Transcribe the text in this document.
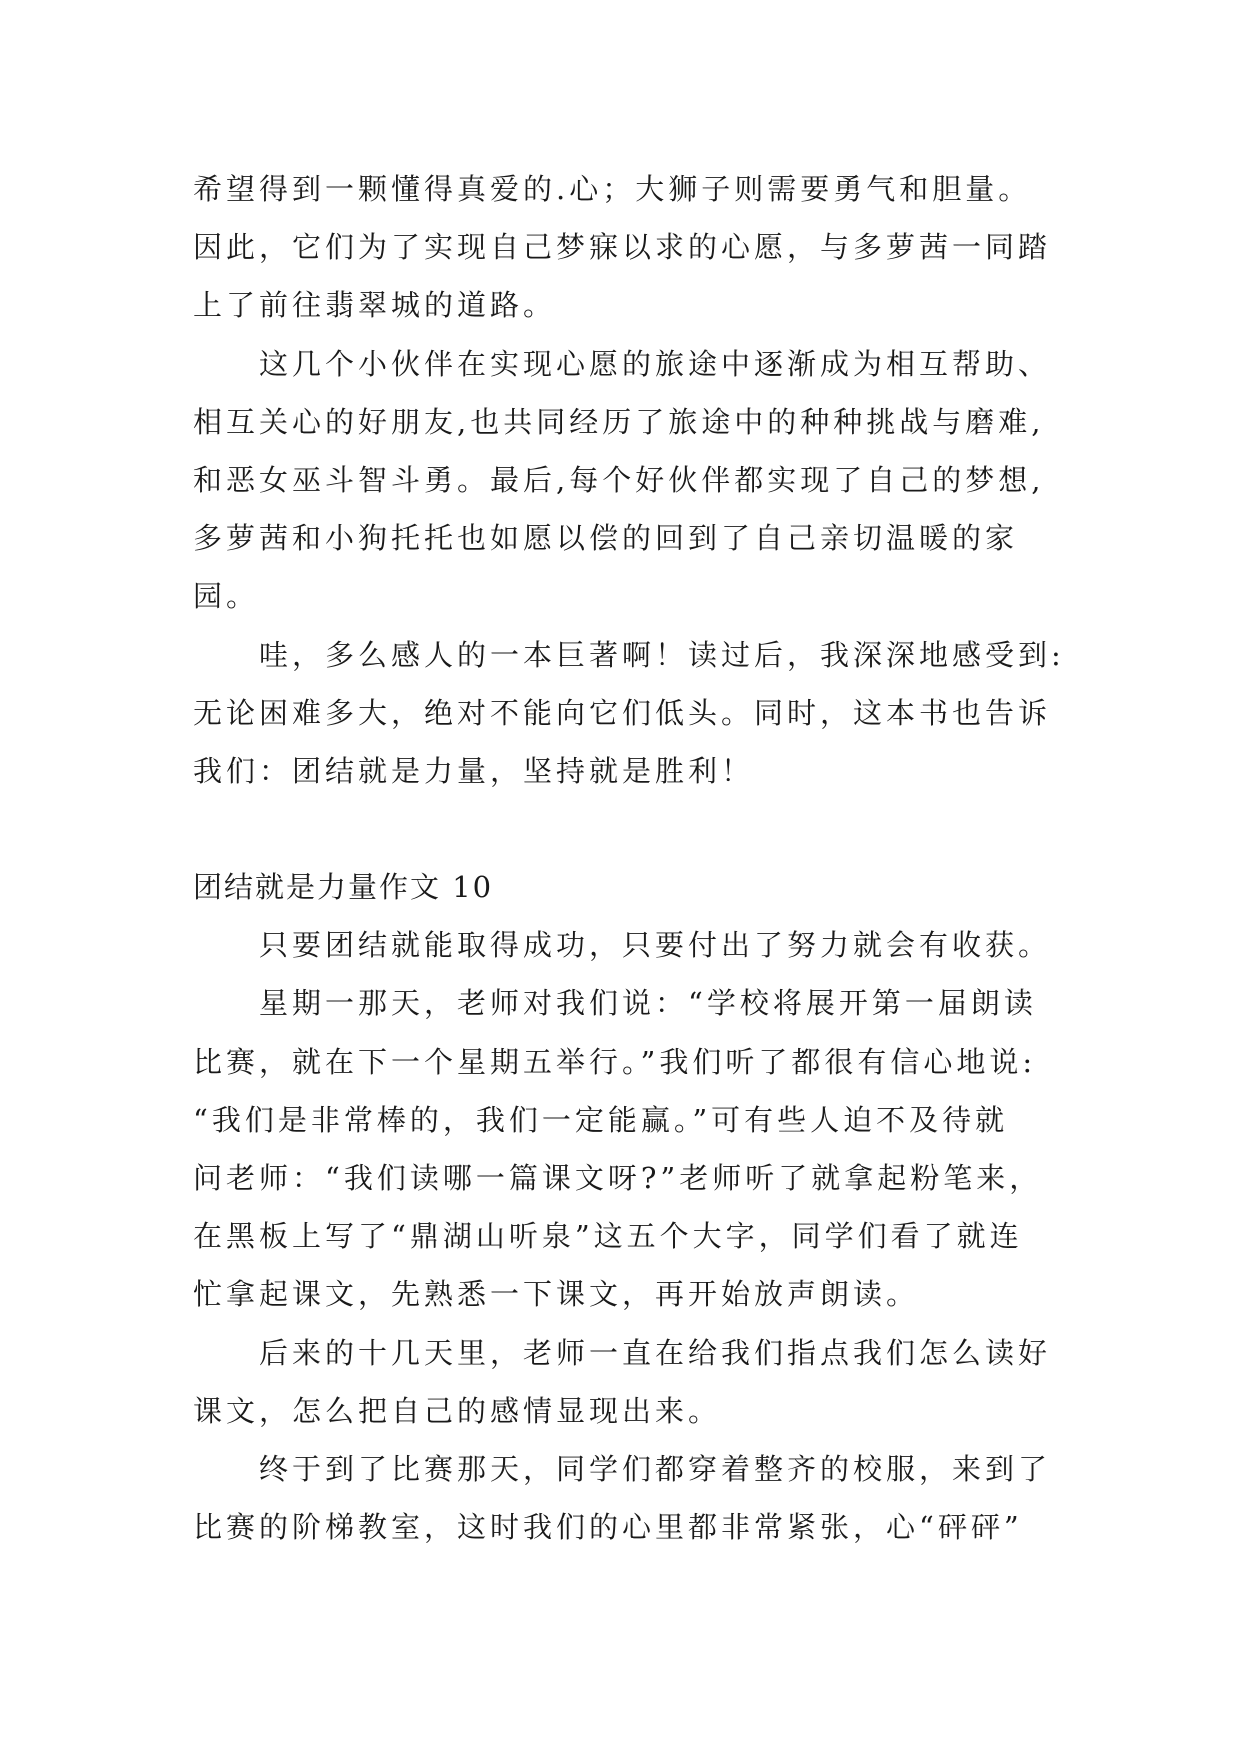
希望得到一颗懂得真爱的.心；大狮子则需要勇气和胆量。
因此，它们为了实现自己梦寐以求的心愿，与多萝茜一同踏
上了前往翡翠城的道路。
这几个小伙伴在实现心愿的旅途中逐渐成为相互帮助、
相互关心的好朋友,也共同经历了旅途中的种种挑战与磨难,
和恶女巫斗智斗勇。最后,每个好伙伴都实现了自己的梦想,
多萝茜和小狗托托也如愿以偿的回到了自己亲切温暖的家
园。
哇，多么感人的一本巨著啊！读过后，我深深地感受到:
无论困难多大，绝对不能向它们低头。同时，这本书也告诉
我们：团结就是力量，坚持就是胜利！
团结就是力量作文 10
只要团结就能取得成功，只要付出了努力就会有收获。
星期一那天，老师对我们说：“学校将展开第一届朗读
比赛，就在下一个星期五举行。”我们听了都很有信心地说:
“我们是非常棒的，我们一定能赢。”可有些人迫不及待就
问老师：“我们读哪一篇课文呀?”老师听了就拿起粉笔来，
在黑板上写了“鼎湖山听泉”这五个大字，同学们看了就连
忙拿起课文，先熟悉一下课文，再开始放声朗读。
后来的十几天里，老师一直在给我们指点我们怎么读好
课文，怎么把自己的感情显现出来。
终于到了比赛那天，同学们都穿着整齐的校服，来到了
比赛的阶梯教室，这时我们的心里都非常紧张，心“砰砰”
